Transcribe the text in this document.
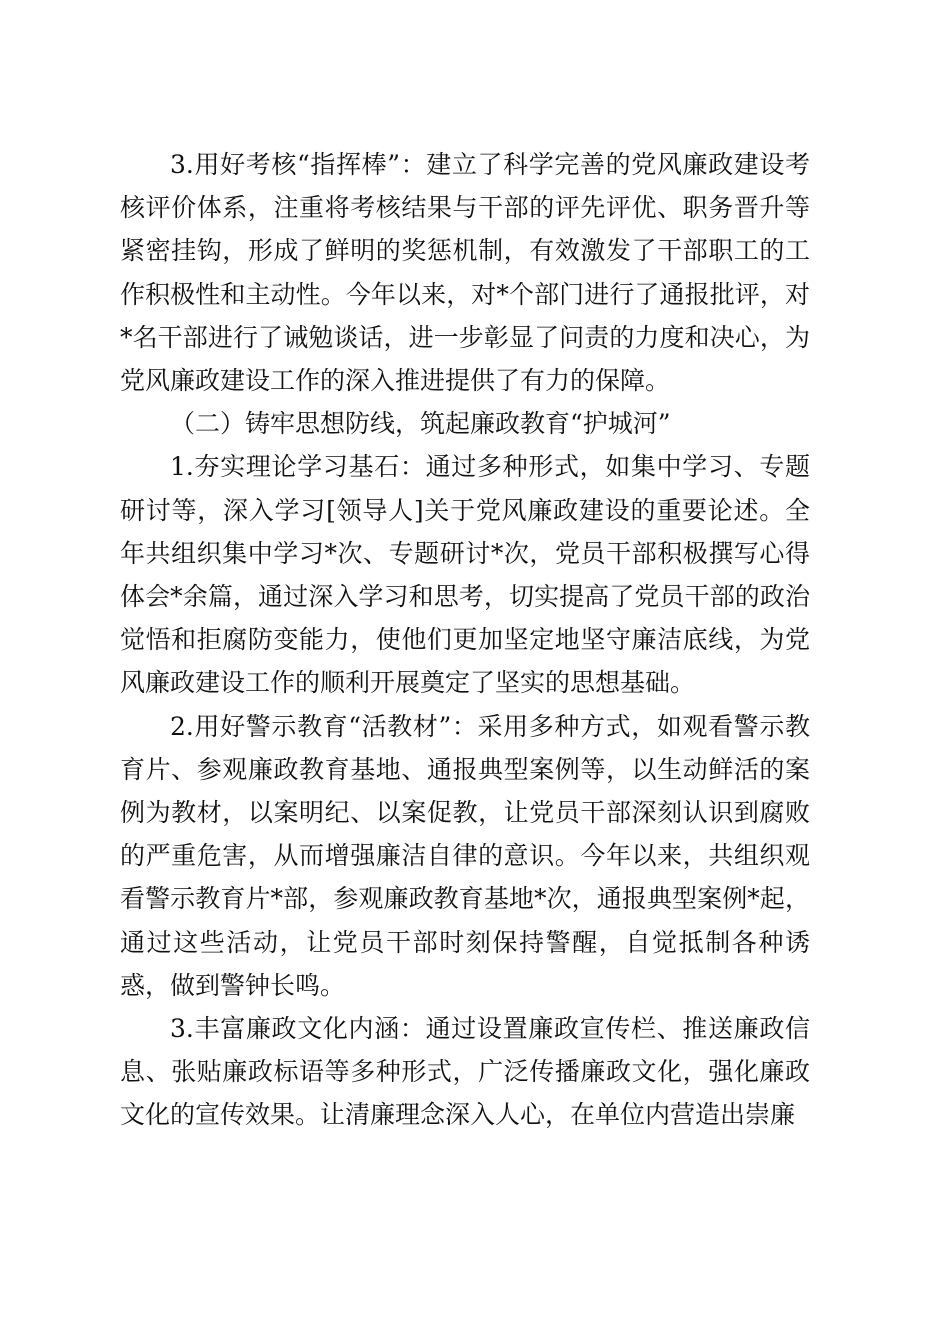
3.用好考核“指挥棒”：建立了科学完善的党风廉政建设考核评价体系，注重将考核结果与干部的评先评优、职务晋升等紧密挂钩，形成了鲜明的奖惩机制，有效激发了干部职工的工作积极性和主动性。今年以来，对*个部门进行了通报批评，对*名干部进行了诫勉谈话，进一步彰显了问责的力度和决心，为党风廉政建设工作的深入推进提供了有力的保障。

（二）铸牢思想防线，筑起廉政教育“护城河”

1.夯实理论学习基石：通过多种形式，如集中学习、专题研讨等，深入学习[领导人]关于党风廉政建设的重要论述。全年共组织集中学习*次、专题研讨*次，党员干部积极撰写心得体会*余篇，通过深入学习和思考，切实提高了党员干部的政治觉悟和拒腐防变能力，使他们更加坚定地坚守廉洁底线，为党风廉政建设工作的顺利开展奠定了坚实的思想基础。

2.用好警示教育“活教材”：采用多种方式，如观看警示教育片、参观廉政教育基地、通报典型案例等，以生动鲜活的案例为教材，以案明纪、以案促教，让党员干部深刻认识到腐败的严重危害，从而增强廉洁自律的意识。今年以来，共组织观看警示教育片*部，参观廉政教育基地*次，通报典型案例*起，通过这些活动，让党员干部时刻保持警醒，自觉抵制各种诱惑，做到警钟长鸣。

3.丰富廉政文化内涵：通过设置廉政宣传栏、推送廉政信息、张贴廉政标语等多种形式，广泛传播廉政文化，强化廉政文化的宣传效果。让清廉理念深入人心，在单位内营造出崇廉
